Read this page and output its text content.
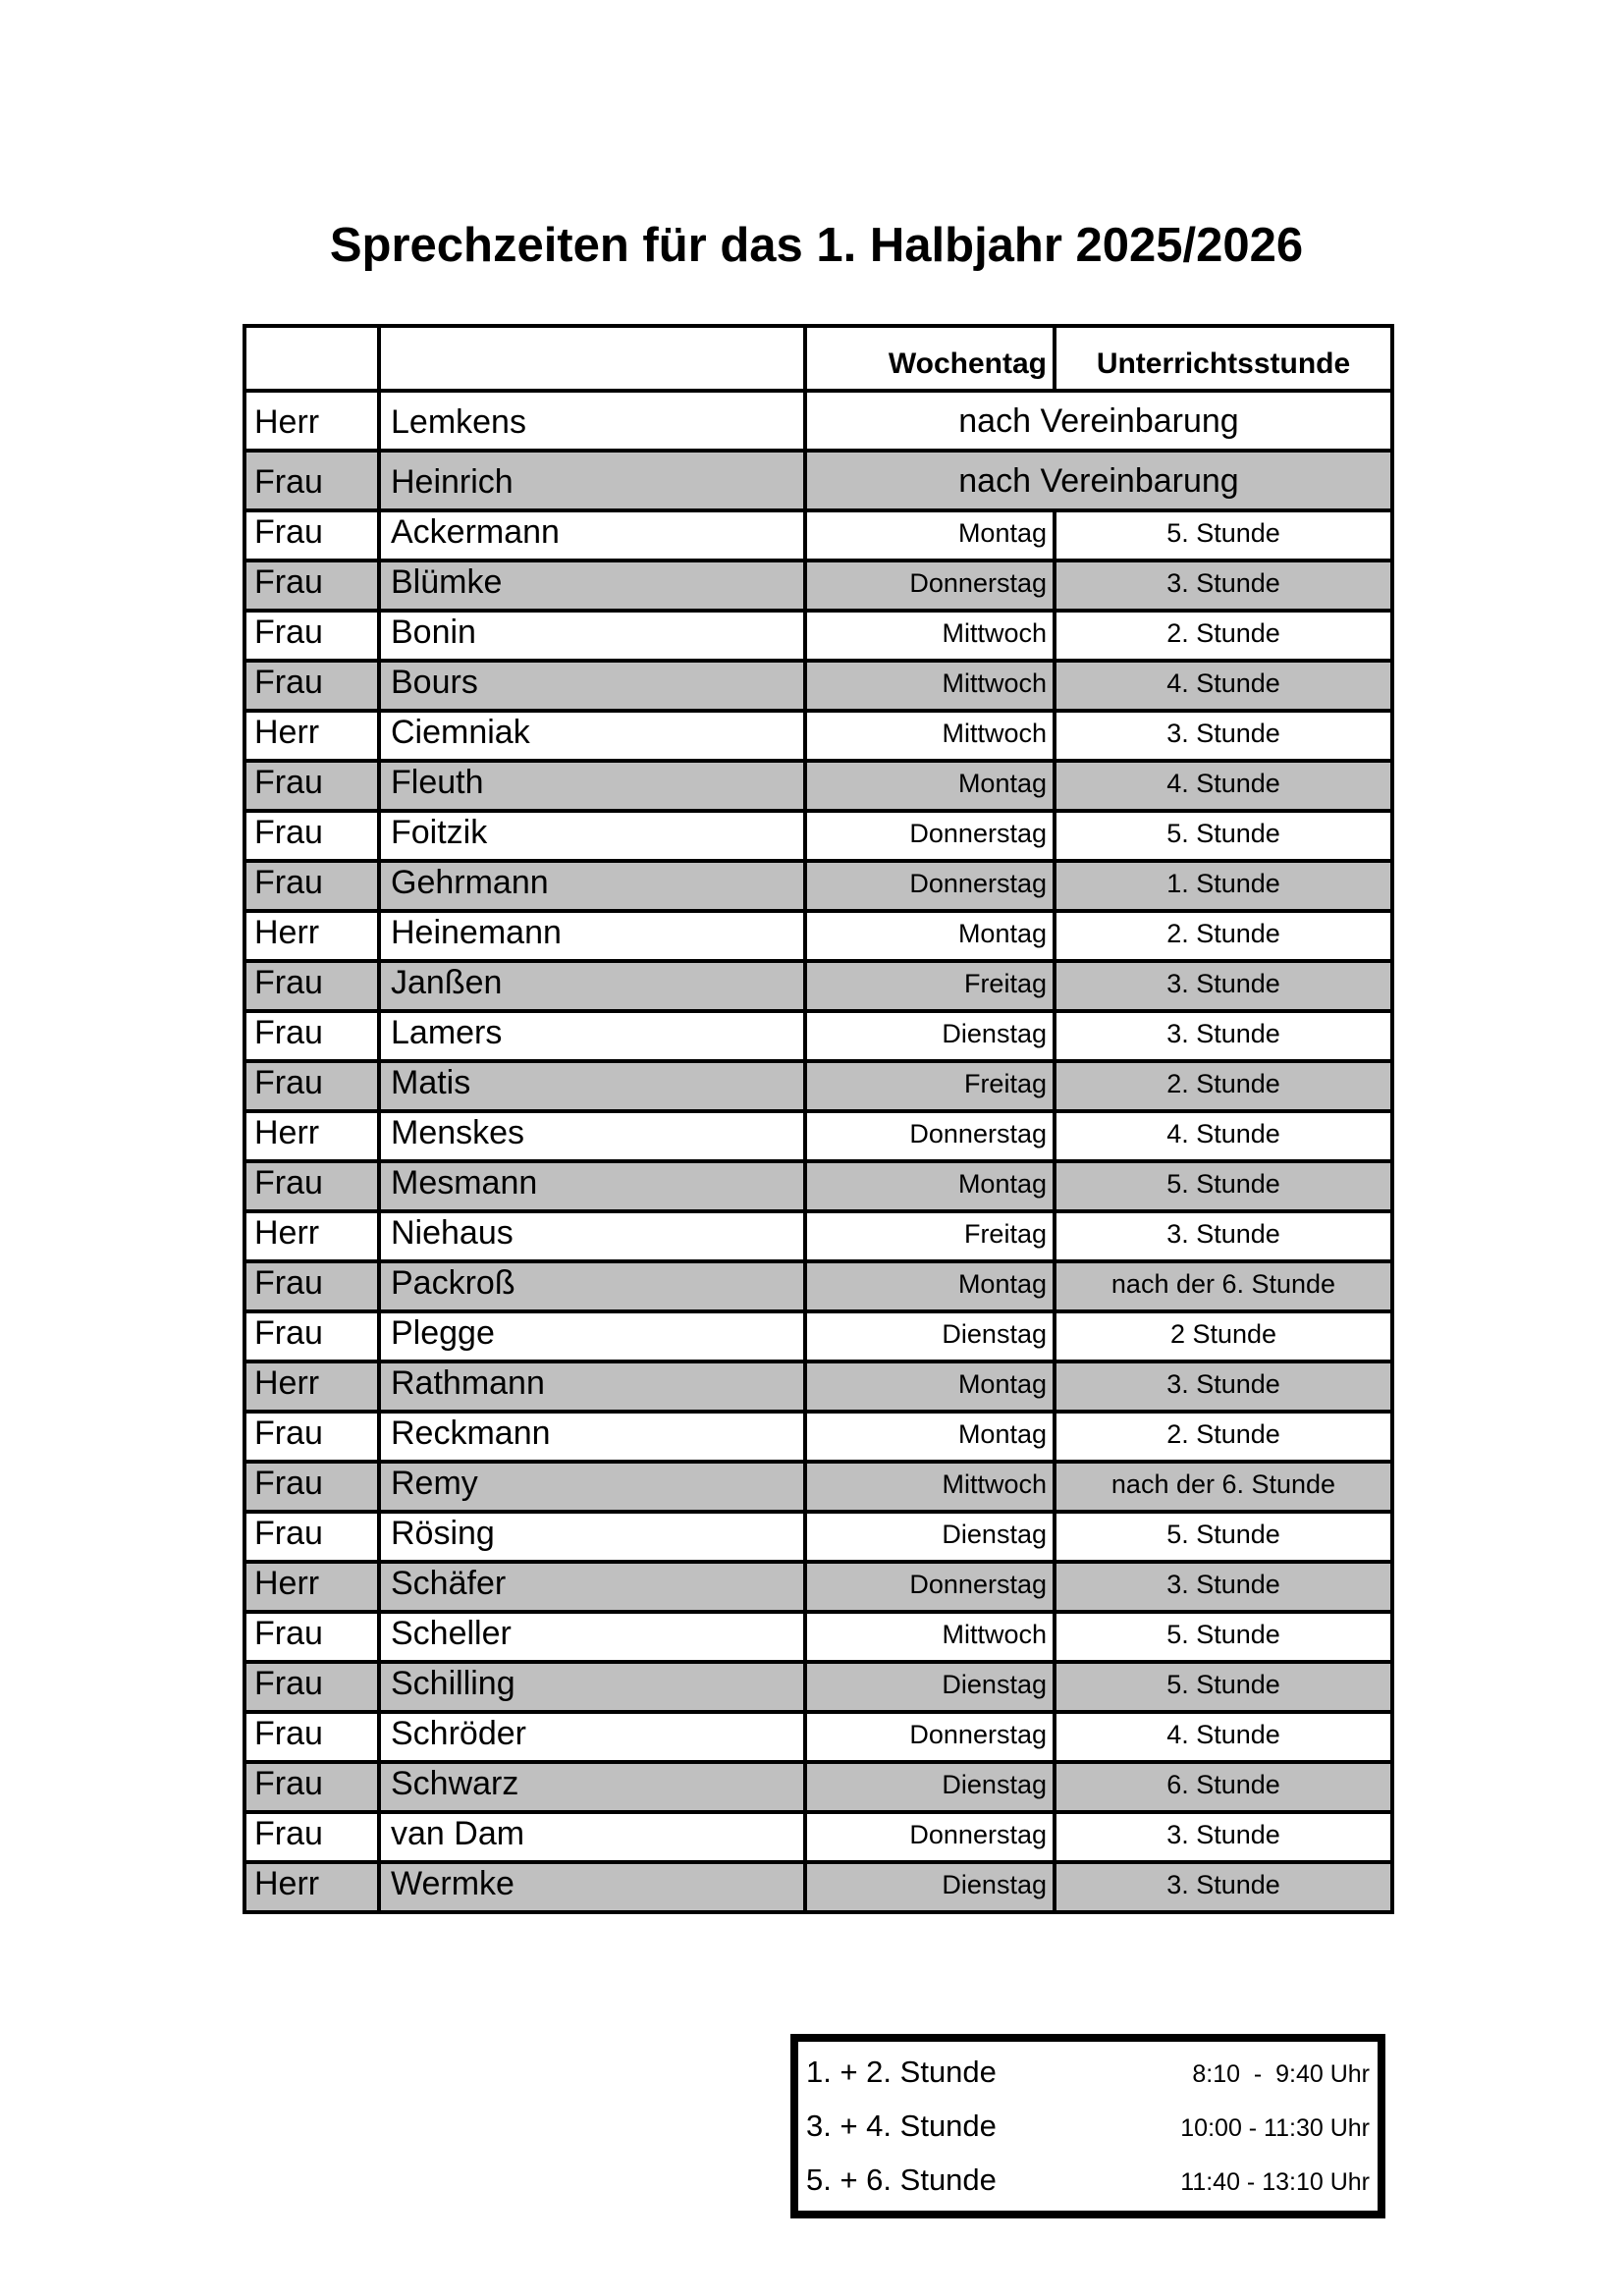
Sprechzeiten für das 1. Halbjahr 2025/2026
		Wochentag	Unterrichtsstunde
Herr	Lemkens	nach Vereinbarung	
Frau	Heinrich	nach Vereinbarung	
Frau	Ackermann	Montag	5. Stunde
Frau	Blümke	Donnerstag	3. Stunde
Frau	Bonin	Mittwoch	2. Stunde
Frau	Bours	Mittwoch	4. Stunde
Herr	Ciemniak	Mittwoch	3. Stunde
Frau	Fleuth	Montag	4. Stunde
Frau	Foitzik	Donnerstag	5. Stunde
Frau	Gehrmann	Donnerstag	1. Stunde
Herr	Heinemann	Montag	2. Stunde
Frau	Janßen	Freitag	3. Stunde
Frau	Lamers	Dienstag	3. Stunde
Frau	Matis	Freitag	2. Stunde
Herr	Menskes	Donnerstag	4. Stunde
Frau	Mesmann	Montag	5. Stunde
Herr	Niehaus	Freitag	3. Stunde
Frau	Packroß	Montag	nach der 6. Stunde
Frau	Plegge	Dienstag	2 Stunde
Herr	Rathmann	Montag	3. Stunde
Frau	Reckmann	Montag	2. Stunde
Frau	Remy	Mittwoch	nach der 6. Stunde
Frau	Rösing	Dienstag	5. Stunde
Herr	Schäfer	Donnerstag	3. Stunde
Frau	Scheller	Mittwoch	5. Stunde
Frau	Schilling	Dienstag	5. Stunde
Frau	Schröder	Donnerstag	4. Stunde
Frau	Schwarz	Dienstag	6. Stunde
Frau	van Dam	Donnerstag	3. Stunde
Herr	Wermke	Dienstag	3. Stunde
1. + 2. Stunde	8:10  -  9:40 Uhr
3. + 4. Stunde	10:00 - 11:30 Uhr
5. + 6. Stunde	11:40 - 13:10 Uhr
